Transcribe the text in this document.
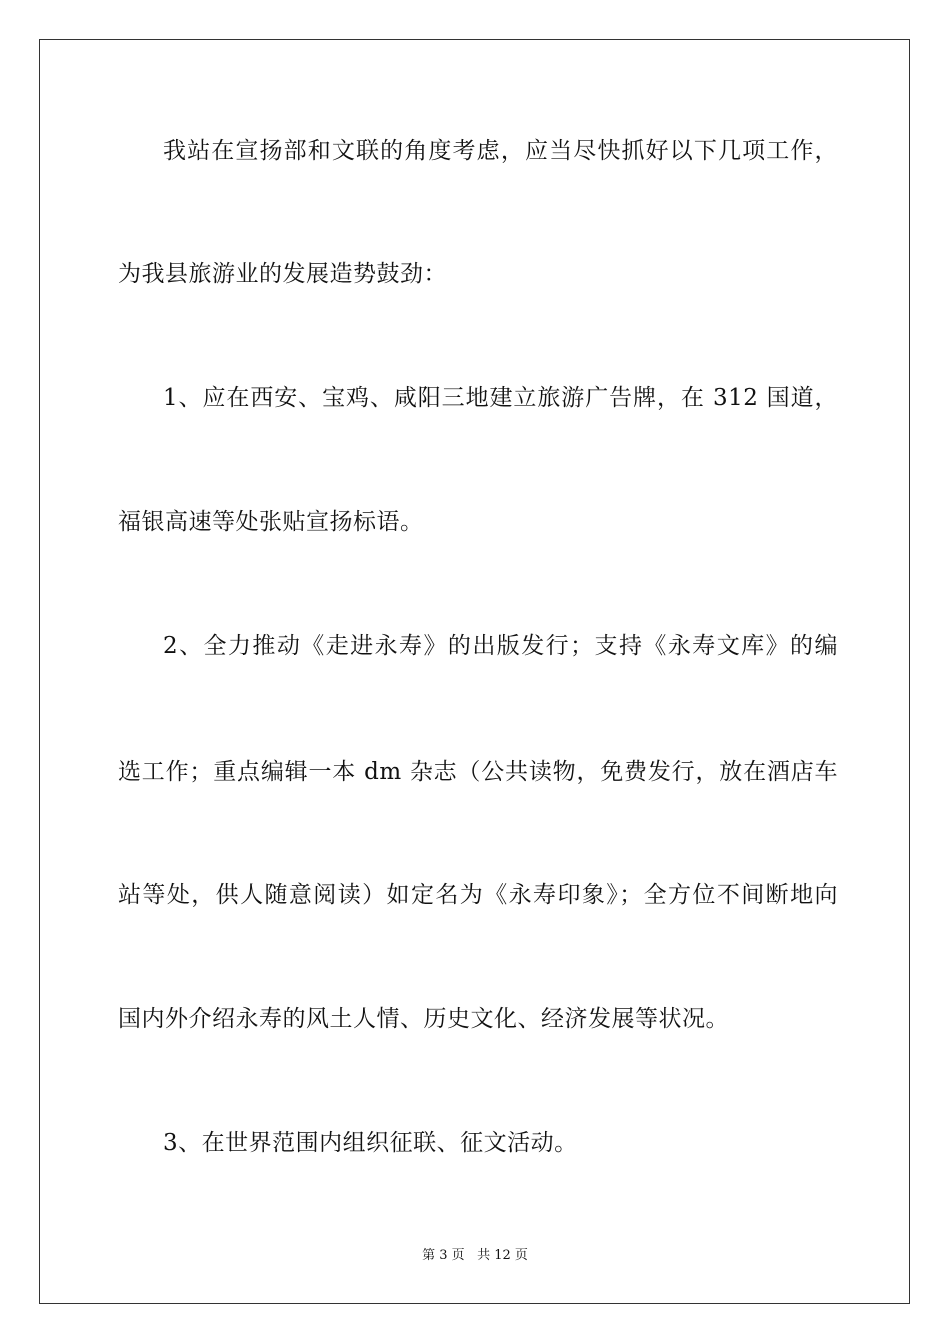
我站在宣扬部和文联的角度考虑，应当尽快抓好以下几项工作，
为我县旅游业的发展造势鼓劲：
1、应在西安、宝鸡、咸阳三地建立旅游广告牌，在 312 国道，
福银高速等处张贴宣扬标语。
2、全力推动《走进永寿》的出版发行；支持《永寿文库》的编
选工作；重点编辑一本 dm 杂志（公共读物，免费发行，放在酒店车
站等处，供人随意阅读）如定名为《永寿印象》；全方位不间断地向
国内外介绍永寿的风土人情、历史文化、经济发展等状况。
3、在世界范围内组织征联、征文活动。
第 3 页 共 12 页
